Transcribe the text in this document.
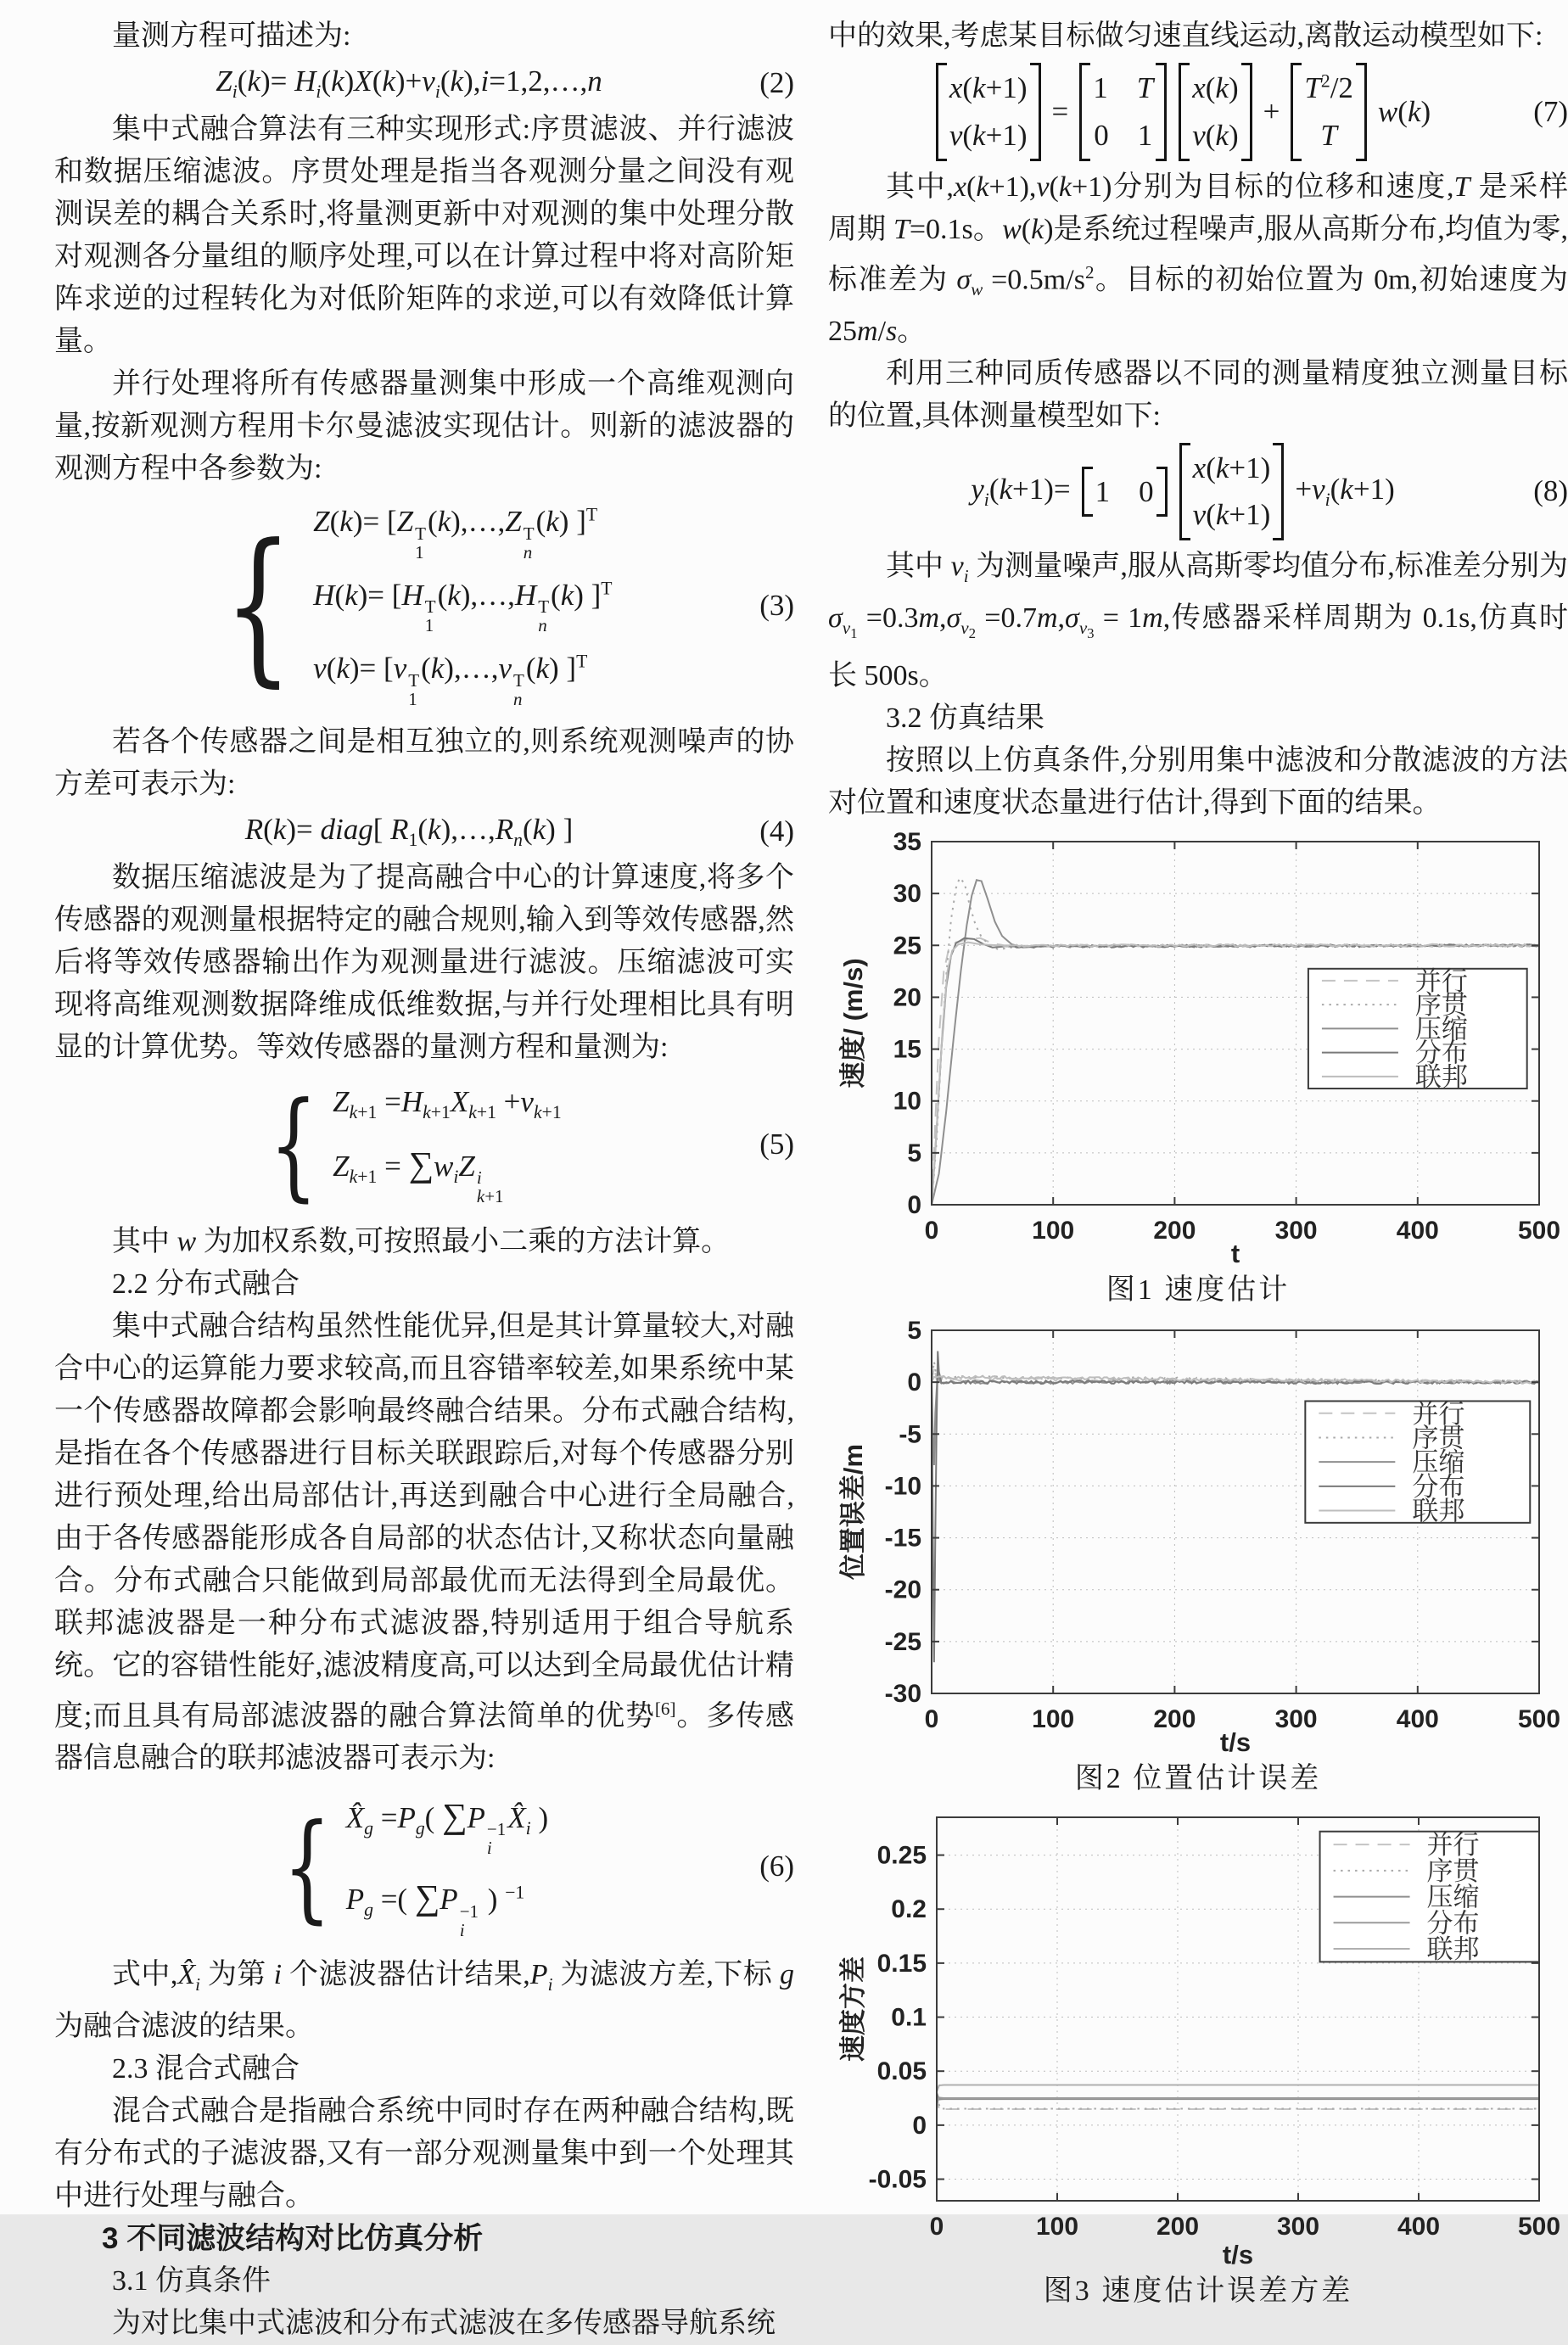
量测方程可描述为:

$Z_i(k)=$ $H_i(k)X(k)+v_i(k),i=1,2,\dots,n$	(2)

集中式融合算法有三种实现形式:序贯滤波、并行滤波和数据压缩滤波。序贯处理是指当各观测分量之间没有观测误差的耦合关系时,将量测更新中对观测的集中处理分散对观测各分量组的顺序处理,可以在计算过程中将对高阶矩阵求逆的过程转化为对低阶矩阵的求逆,可以有效降低计算量。

并行处理将所有传感器量测集中形成一个高维观测向量,按新观测方程用卡尔曼滤波实现估计。则新的滤波器的观测方程中各参数为:

{ Z(k)= [Z T
1
(k),…,Z T
n
(k) ]$^T$
H(k)= [H T
1
(k),…,H T
n
(k) ]$^T$
v(k)= [v T
1
(k),…,v T
n
(k) ]$^T$
(3)

若各个传感器之间是相互独立的,则系统观测噪声的协方差可表示为:

R(k)= diag[ $R_1(k),\dots,R_n(k)$ ]	(4)

数据压缩滤波是为了提高融合中心的计算速度,将多个传感器的观测量根据特定的融合规则,输入到等效传感器,然后将等效传感器输出作为观测量进行滤波。压缩滤波可实现将高维观测数据降维成低维数据,与并行处理相比具有明显的计算优势。等效传感器的量测方程和量测为:

{ $Z_{k+1} =H_{k+1}X_{k+1} +v_{k+1}$
$Z_{k+1} = \sum w_iZ$ i
k+1
(5)

其中 w 为加权系数,可按照最小二乘的方法计算。

2.2 分布式融合

集中式融合结构虽然性能优异,但是其计算量较大,对融合中心的运算能力要求较高,而且容错率较差,如果系统中某一个传感器故障都会影响最终融合结果。分布式融合结构,是指在各个传感器进行目标关联跟踪后,对每个传感器分别进行预处理,给出局部估计,再送到融合中心进行全局融合,由于各传感器能形成各自局部的状态估计,又称状态向量融合。分布式融合只能做到局部最优而无法得到全局最优。联邦滤波器是一种分布式滤波器,特别适用于组合导航系统。它的容错性能好,滤波精度高,可以达到全局最优估计精度;而且具有局部滤波器的融合算法简单的优势[6]。多传感器信息融合的联邦滤波器可表示为:

{ $X̂_g =P_g$( ∑P −1
i
$X̂_i$ )
$P_g$ =( ∑P −1
i
) $^{-1}$
(6)

式中$,X̂_i$ 为第 i 个滤波器估计结果$,P_i$ 为滤波方差,下标 g 为融合滤波的结果。

2.3 混合式融合

混合式融合是指融合系统中同时存在两种融合结构,既有分布式的子滤波器,又有一部分观测量集中到一个处理其中进行处理与融合。

3 不同滤波结构对比仿真分析

3.1 仿真条件

为对比集中式滤波和分布式滤波在多传感器导航系统

中的效果,考虑某目标做匀速直线运动,离散运动模型如下:

x(k+1)
v(k+1)
=
1 T
0 1
x(k)
v(k)
+
$T^2/2$
T
w(k)	(7)

其中,x(k+1),v(k+1)分别为目标的位移和速度,T 是采样周期 T=0.1s。w(k)是系统过程噪声,服从高斯分布,均值为零,标准差为 $\sigma_w =0.5m/s^2$。目标的初始位置为 0m,初始速度为 25m/s。

利用三种同质传感器以不同的测量精度独立测量目标的位置,具体测量模型如下:

$y_i(k+1)= 1$ 0
x(k+1)
v(k+1)
$+v_i(k+1)$	(8)

其中 $v_i$ 为测量噪声,服从高斯零均值分布,标准差分别为 $\sigma_{v_1} =0.3m,\sigma_{v_2} =0.7m,\sigma_{v_3} = 1m$,传感器采样周期为 0.1s,仿真时长 500s。

3.2 仿真结果

按照以上仿真条件,分别用集中滤波和分散滤波的方法对位置和速度状态量进行估计,得到下面的结果。

0	100	200	300	400	500
0
5
10
15
20
25
30
35
t
速度/ (m/s)	并行
序贯
压缩
分布
联邦
图1 速度估计
0	100	200	300	400	500
-30
-25
-20
-15
-10
-5
0
5
t/s
位置误差/m
并行
序贯
压缩
分布
联邦
图2 位置估计误差
0	100	200	300	400	500
-0.05
0
0.05
0.1
0.15
0.2
0.25
t/s
速度方差
并行
序贯
压缩
分布
联邦
图3 速度估计误差方差
